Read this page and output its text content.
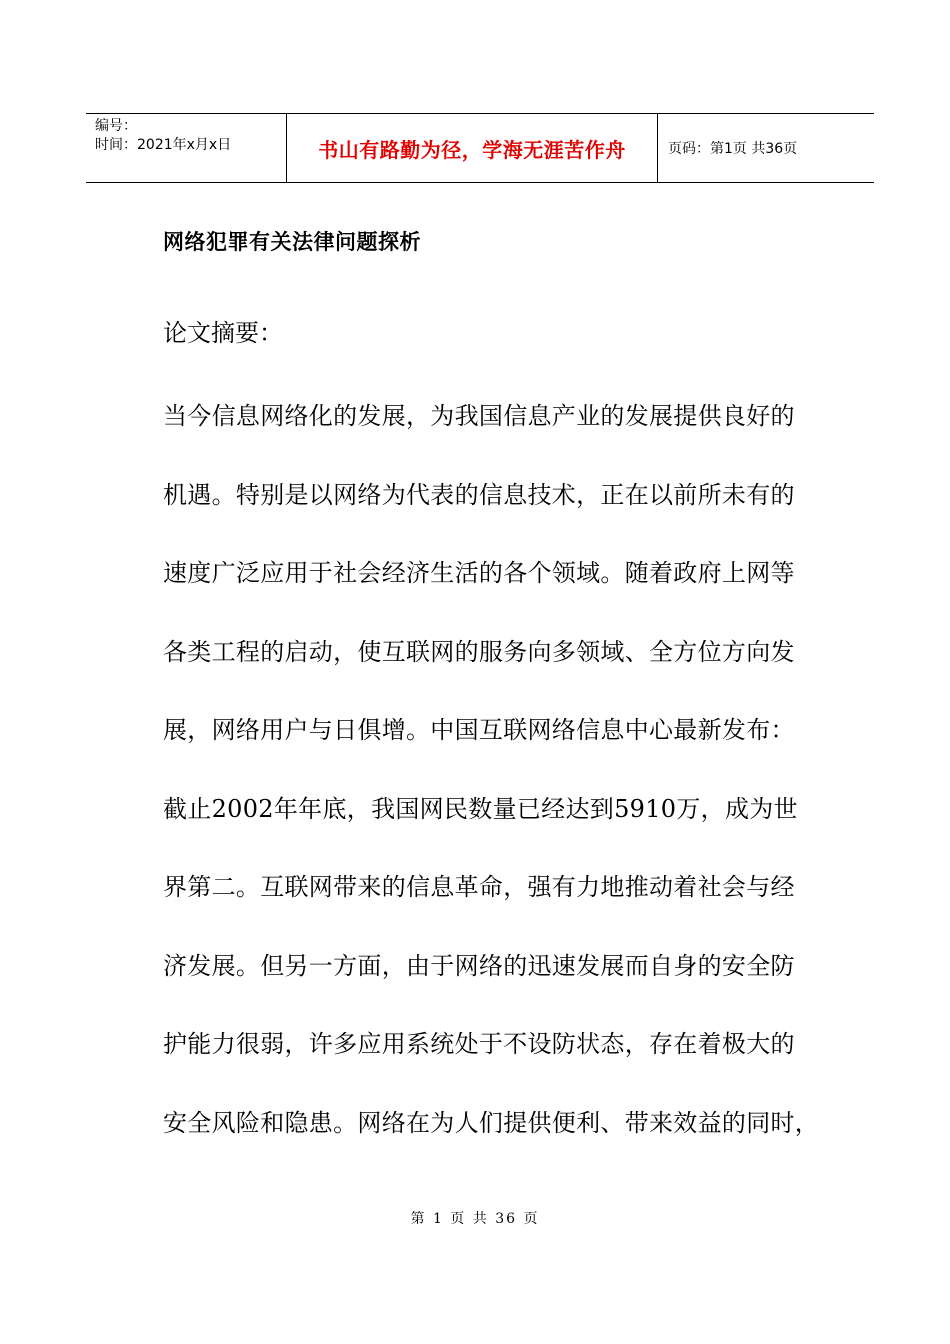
编号：
时间：2021年x月x日	书山有路勤为径，学海无涯苦作舟	页码：第1页 共36页
网络犯罪有关法律问题探析
论文摘要：
当今信息网络化的发展，为我国信息产业的发展提供良好的
机遇。特别是以网络为代表的信息技术，正在以前所未有的
速度广泛应用于社会经济生活的各个领域。随着政府上网等
各类工程的启动，使互联网的服务向多领域、全方位方向发
展，网络用户与日俱增。中国互联网络信息中心最新发布：
截止2002年年底，我国网民数量已经达到5910万，成为世
界第二。互联网带来的信息革命，强有力地推动着社会与经
济发展。但另一方面，由于网络的迅速发展而自身的安全防
护能力很弱，许多应用系统处于不设防状态，存在着极大的
安全风险和隐患。网络在为人们提供便利、带来效益的同时，
第 1 页 共 36 页
